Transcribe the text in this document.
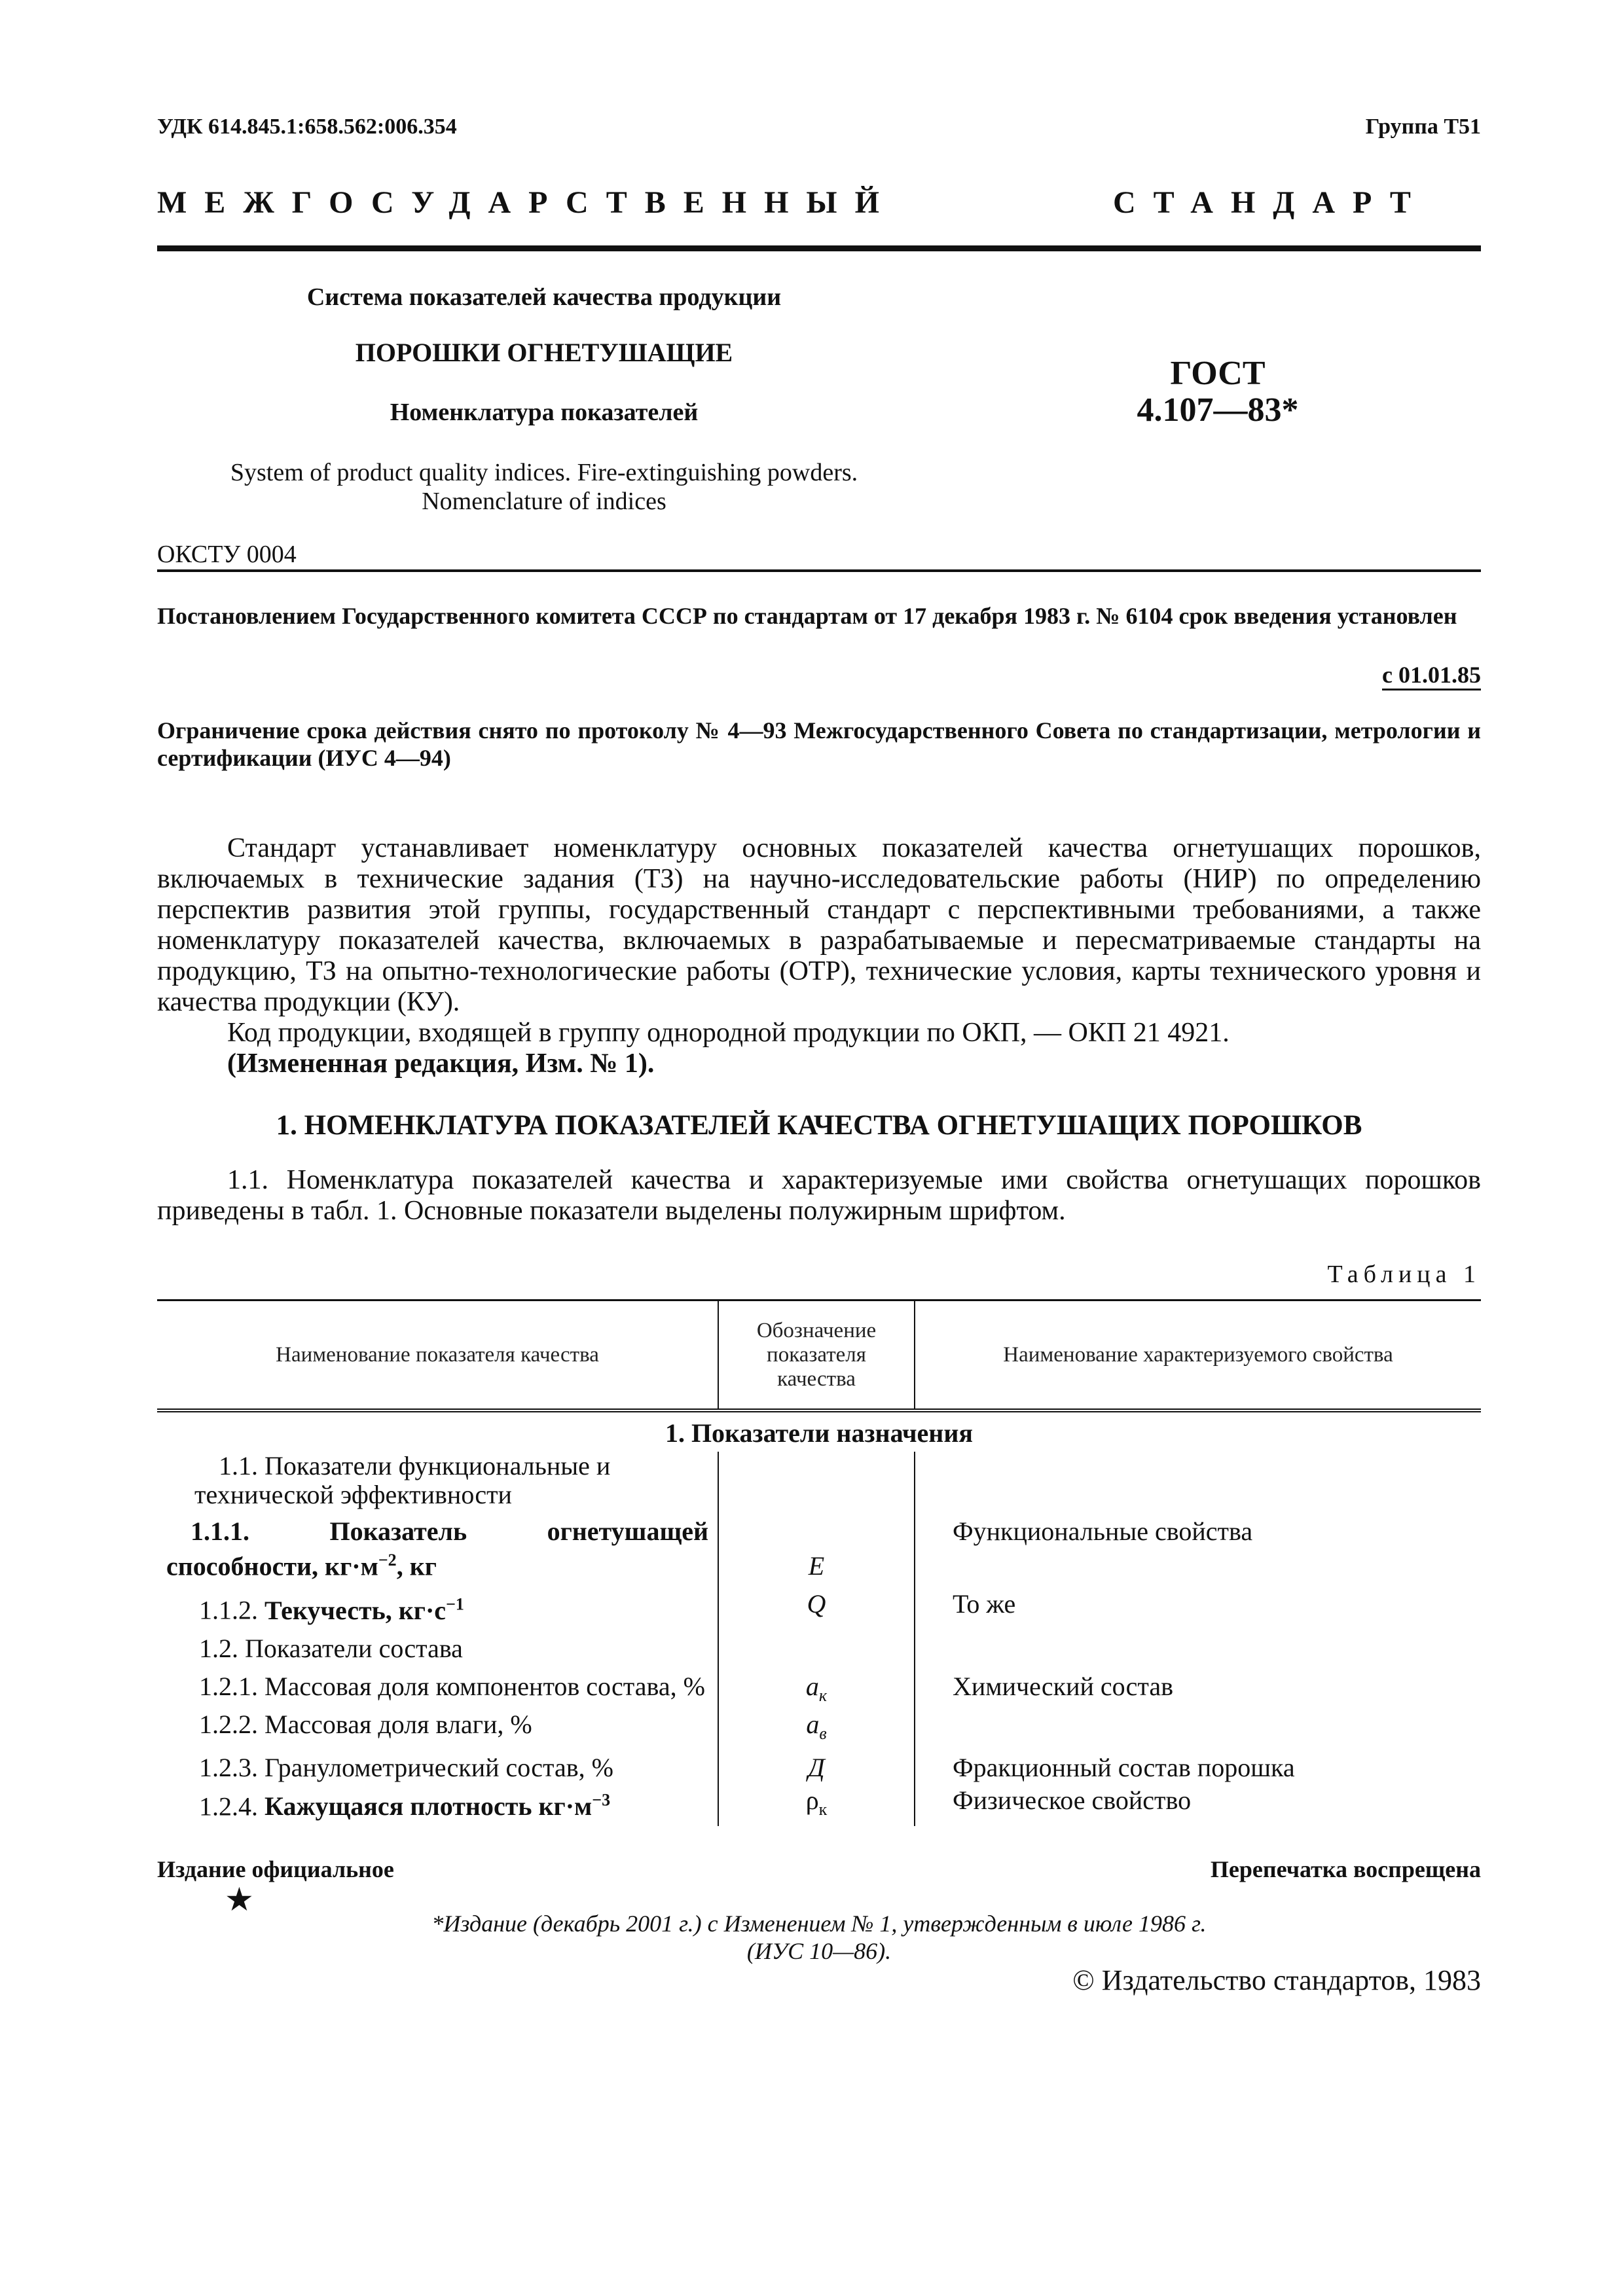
УДК 614.845.1:658.562:006.354	Группа Т51
МЕЖГОСУДАРСТВЕННЫЙ	СТАНДАРТ
Система показателей качества продукции
ПОРОШКИ ОГНЕТУШАЩИЕ
Номенклатура показателей
ГОСТ
4.107—83*
System of product quality indices. Fire-extinguishing powders.
Nomenclature of indices
ОКСТУ 0004
Постановлением Государственного комитета СССР по стандартам от 17 декабря 1983 г. № 6104 срок введения установлен
с 01.01.85
Ограничение срока действия снято по протоколу № 4—93 Межгосударственного Совета по стандартизации, метрологии и сертификации (ИУС 4—94)

Стандарт устанавливает номенклатуру основных показателей качества огнетушащих порошков, включаемых в технические задания (ТЗ) на научно-исследовательские работы (НИР) по определению перспектив развития этой группы, государственный стандарт с перспективными требованиями, а также номенклатуру показателей качества, включаемых в разрабатываемые и пересматриваемые стандарты на продукцию, ТЗ на опытно-технологические работы (ОТР), технические условия, карты технического уровня и качества продукции (КУ).

Код продукции, входящей в группу однородной продукции по ОКП, — ОКП 21 4921.

(Измененная редакция, Изм. № 1).

1. НОМЕНКЛАТУРА ПОКАЗАТЕЛЕЙ КАЧЕСТВА ОГНЕТУШАЩИХ ПОРОШКОВ

1.1. Номенклатура показателей качества и характеризуемые ими свойства огнетушащих порошков приведены в табл. 1. Основные показатели выделены полужирным шрифтом.

Таблица 1
Наименование показателя качества	Обозначение показателя качества	Наименование характеризуемого свойства
1. Показатели назначения		
1.1. Показатели функциональные и технической эффективности		
1.1.1. Показатель огнетушащей способности, $кг\cdot м^{-2}$, кг	E	Функциональные свойства
1.1.2. Текучесть, $кг\cdot с^{-1}$	Q	То же
1.2. Показатели состава		
1.2.1. Массовая доля компонентов состава, %	$a_к$	Химический состав
1.2.2. Массовая доля влаги, %	$a_в$	
1.2.3. Гранулометрический состав, %	Д	Фракционный состав порошка
1.2.4. Кажущаяся плотность $кг\cdot м^{-3}$	$\rho_к$	Физическое свойство
Издание официальное	Перепечатка воспрещена
★
*Издание (декабрь 2001 г.) с Изменением № 1, утвержденным в июле 1986 г.
(ИУС 10—86).
© Издательство стандартов, 1983
